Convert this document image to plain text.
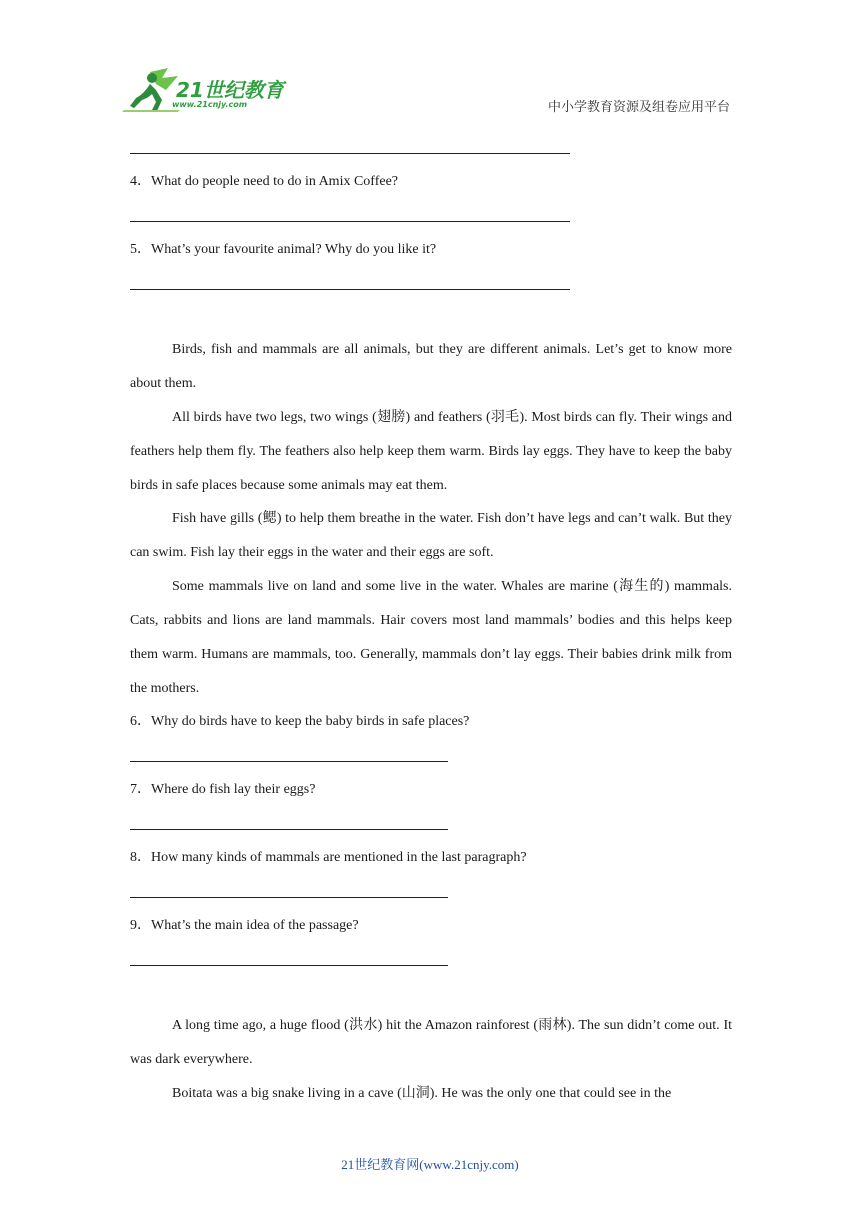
21世纪教育
www.21cnjy.com	中小学教育资源及组卷应用平台
4．What do people need to do in Amix Coffee?
5．What’s your favourite animal? Why do you like it?
Birds, fish and mammals are all animals, but they are different animals. Let’s get to know more about them.
All birds have two legs, two wings (翅膀) and feathers (羽毛). Most birds can fly. Their wings and feathers help them fly. The feathers also help keep them warm. Birds lay eggs. They have to keep the baby birds in safe places because some animals may eat them.
Fish have gills (鳃) to help them breathe in the water. Fish don’t have legs and can’t walk. But they can swim. Fish lay their eggs in the water and their eggs are soft.
Some mammals live on land and some live in the water. Whales are marine (海生的) mammals. Cats, rabbits and lions are land mammals. Hair covers most land mammals’ bodies and this helps keep them warm. Humans are mammals, too. Generally, mammals don’t lay eggs. Their babies drink milk from the mothers.
6．Why do birds have to keep the baby birds in safe places?
7．Where do fish lay their eggs?
8．How many kinds of mammals are mentioned in the last paragraph?
9．What’s the main idea of the passage?
A long time ago, a huge flood (洪水) hit the Amazon rainforest (雨林). The sun didn’t come out. It was dark everywhere.
Boitata was a big snake living in a cave (山洞). He was the only one that could see in the
21世纪教育网(www.21cnjy.com)
